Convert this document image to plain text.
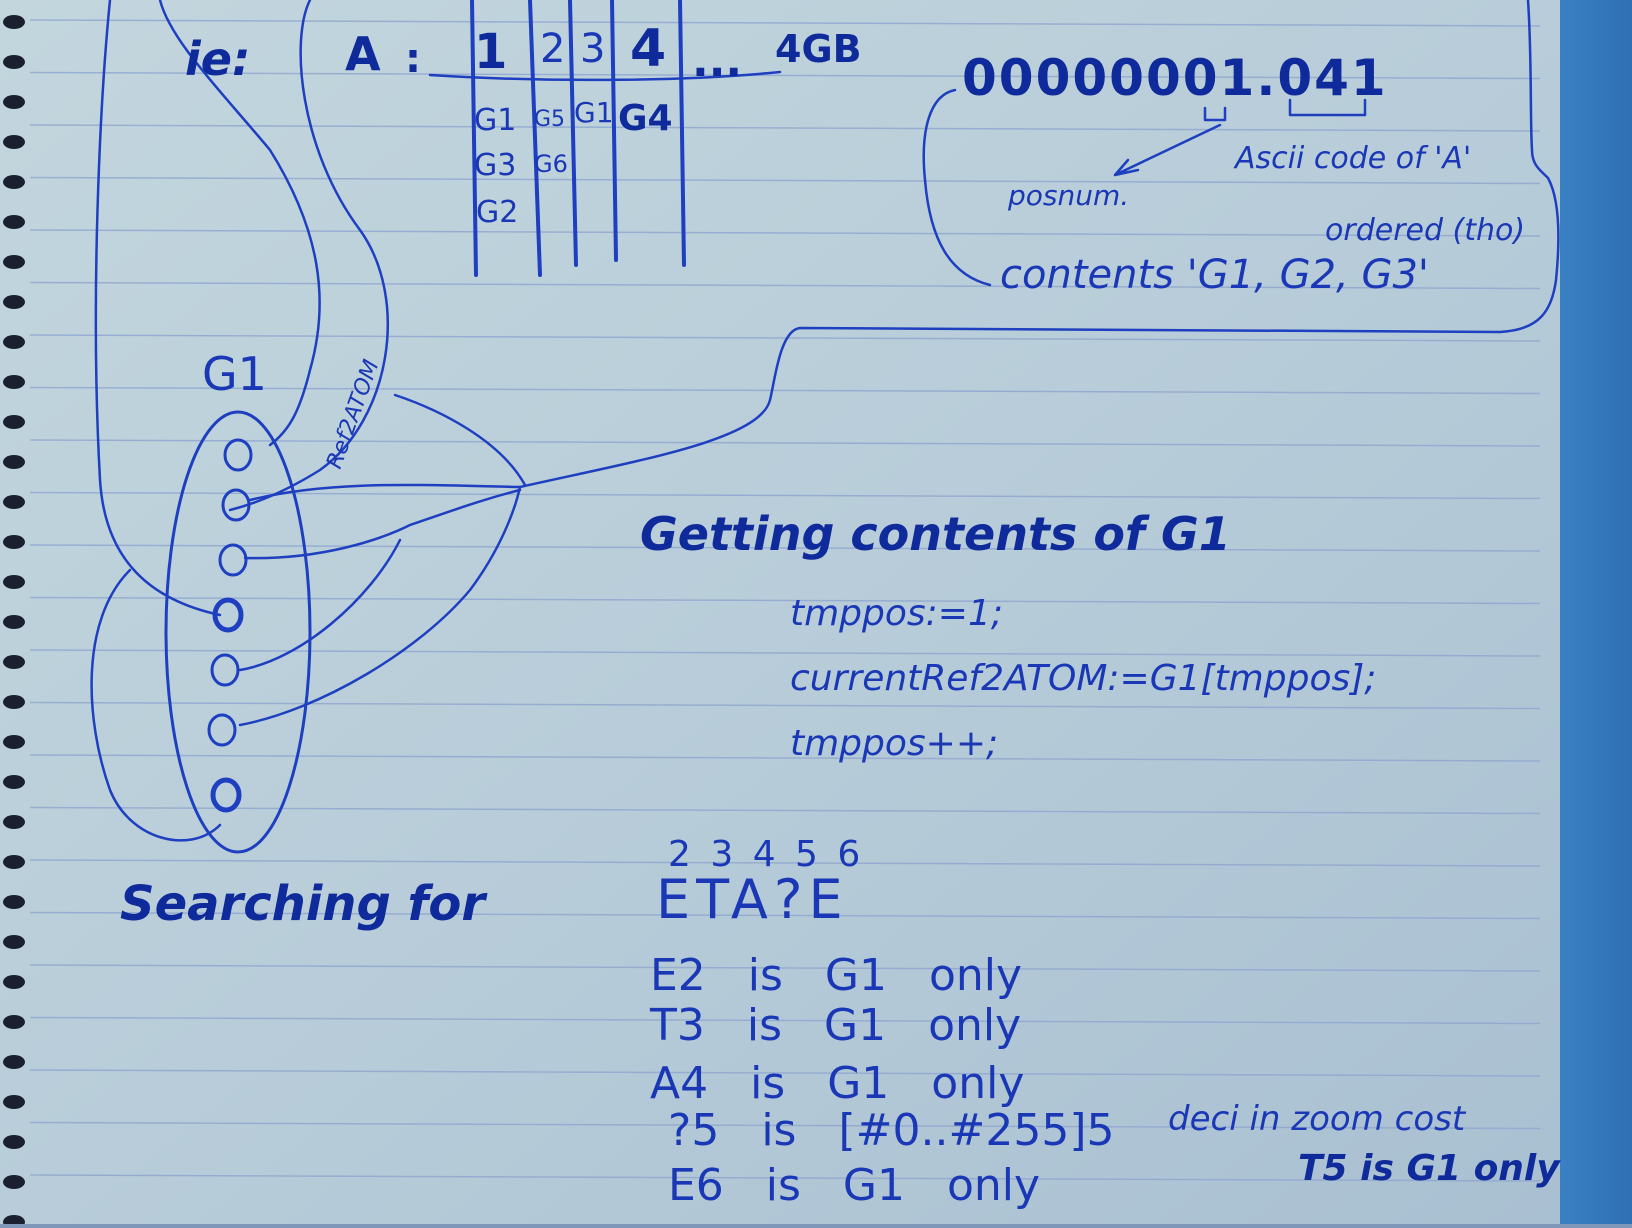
ie: A : 1 2 3 4 ... 4GB
G1
G3
G2
G5
G6
G1 G4
00000001.041
Ascii code of 'A'
posnum.
ordered (tho)
contents 'G1, G2, G3'
G1	Ref2ATOM
Getting contents of G1
tmppos:=1;
currentRef2ATOM:=G1[tmppos];
tmppos++;
Searching for
2 3 4 5 6
ETA?E
E2 is G1 only
T3 is G1 only
A4 is G1 only
?5 is [#0..#255]5
E6 is G1 only
deci in zoom cost
T5 is G1 only
